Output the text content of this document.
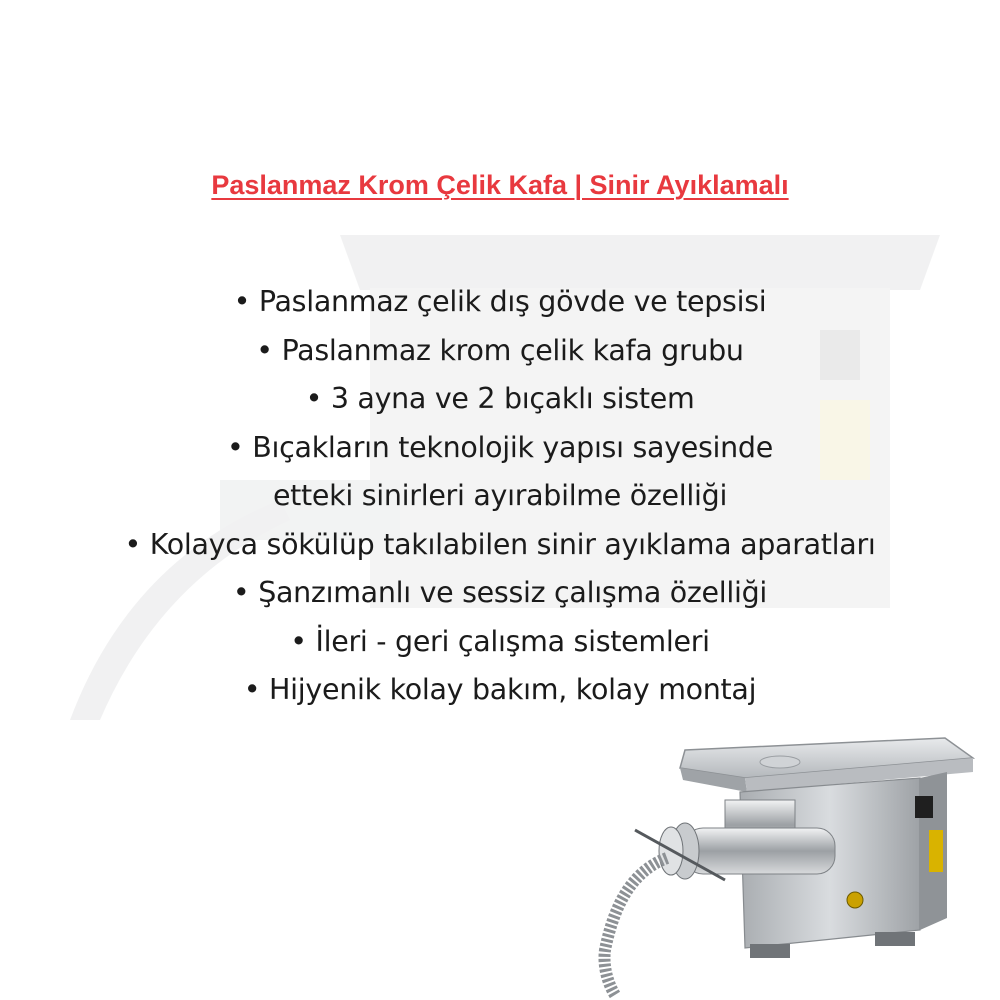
Paslanmaz Krom Çelik Kafa | Sinir Ayıklamalı
• Paslanmaz çelik dış gövde ve tepsisi
• Paslanmaz krom çelik kafa grubu
• 3 ayna ve 2 bıçaklı sistem
• Bıçakların teknolojik yapısı sayesinde
etteki sinirleri ayırabilme özelliği
• Kolayca sökülüp takılabilen sinir ayıklama aparatları
• Şanzımanlı ve sessiz çalışma özelliği
• İleri - geri çalışma sistemleri
• Hijyenik kolay bakım, kolay montaj
